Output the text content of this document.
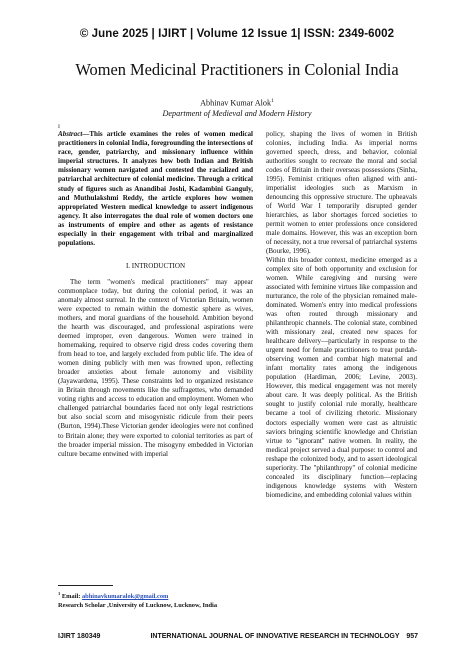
© June 2025 | IJIRT | Volume 12 Issue 1| ISSN: 2349-6002
Women Medicinal Practitioners in Colonial India
Abhinav Kumar Alok$^1$
Department of Medieval and Modern History
ɪ

Abstract—This article examines the roles of women medical practitioners in colonial India, foregrounding the intersections of race, gender, patriarchy, and missionary influence within imperial structures. It analyzes how both Indian and British missionary women navigated and contested the racialized and patriarchal architecture of colonial medicine. Through a critical study of figures such as Anandibai Joshi, Kadambini Ganguly, and Muthulakshmi Reddy, the article explores how women appropriated Western medical knowledge to assert indigenous agency. It also interrogates the dual role of women doctors one as instruments of empire and other as agents of resistance especially in their engagement with tribal and marginalized populations.

I. INTRODUCTION

The term "women's medical practitioners" may appear commonplace today, but during the colonial period, it was an anomaly almost surreal. In the context of Victorian Britain, women were expected to remain within the domestic sphere as wives, mothers, and moral guardians of the household. Ambition beyond the hearth was discouraged, and professional aspirations were deemed improper, even dangerous. Women were trained in homemaking, required to observe rigid dress codes covering them from head to toe, and largely excluded from public life. The idea of women dining publicly with men was frowned upon, reflecting broader anxieties about female autonomy and visibility (Jayawardena, 1995). These constraints led to organized resistance in Britain through movements like the suffragettes, who demanded voting rights and access to education and employment. Women who challenged patriarchal boundaries faced not only legal restrictions but also social scorn and misogynistic ridicule from their peers (Burton, 1994).These Victorian gender ideologies were not confined to Britain alone; they were exported to colonial territories as part of the broader imperial mission. The misogyny embedded in Victorian culture became entwined with imperial

policy, shaping the lives of women in British colonies, including India. As imperial norms governed speech, dress, and behavior, colonial authorities sought to recreate the moral and social codes of Britain in their overseas possessions (Sinha, 1995). Feminist critiques often aligned with anti-imperialist ideologies such as Marxism in denouncing this oppressive structure. The upheavals of World War I temporarily disrupted gender hierarchies, as labor shortages forced societies to permit women to enter professions once considered male domains. However, this was an exception born of necessity, not a true reversal of patriarchal systems (Bourke, 1996).

Within this broader context, medicine emerged as a complex site of both opportunity and exclusion for women. While caregiving and nursing were associated with feminine virtues like compassion and nurturance, the role of the physician remained male-dominated. Women's entry into medical professions was often routed through missionary and philanthropic channels. The colonial state, combined with missionary zeal, created new spaces for healthcare delivery—particularly in response to the urgent need for female practitioners to treat purdah-observing women and combat high maternal and infant mortality rates among the indigenous population (Hardiman, 2006; Levine, 2003). However, this medical engagement was not merely about care. It was deeply political. As the British sought to justify colonial rule morally, healthcare became a tool of civilizing rhetoric. Missionary doctors especially women were cast as altruistic saviors bringing scientific knowledge and Christian virtue to "ignorant" native women. In reality, the medical project served a dual purpose: to control and reshape the colonized body, and to assert ideological superiority. The "philanthropy" of colonial medicine concealed its disciplinary function—replacing indigenous knowledge systems with Western biomedicine, and embedding colonial values within

$^1$ Email: abhinavkumaralok@gmail.com
Research Scholar ,University of Lucknow, Lucknow, India
IJIRT 180349	INTERNATIONAL JOURNAL OF INNOVATIVE RESEARCH IN TECHNOLOGY 957
